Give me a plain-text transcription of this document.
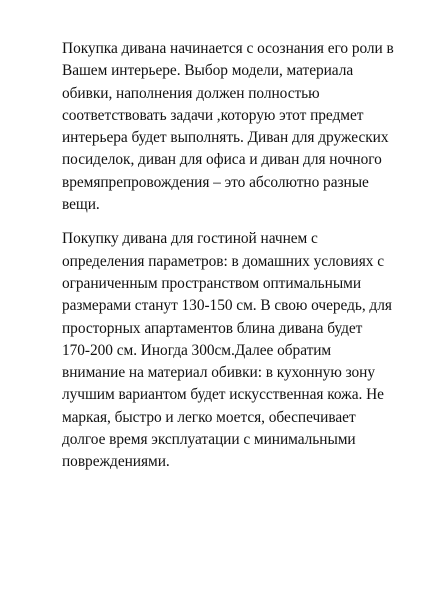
Покупка дивана начинается с осознания его роли в Вашем интерьере. Выбор модели, материала обивки, наполнения должен полностью соответствовать задачи ,которую этот предмет интерьера будет выполнять. Диван для дружеских посиделок, диван для офиса и диван для ночного времяпрепровождения – это абсолютно разные вещи.

Покупку дивана для гостиной начнем с определения параметров: в домашних условиях с ограниченным пространством оптимальными размерами станут 130-150 см. В свою очередь, для просторных апартаментов блина дивана будет 170-200 см. Иногда 300см.Далее обратим внимание на материал обивки: в кухонную зону лучшим вариантом будет искусственная кожа. Не маркая, быстро и легко моется, обеспечивает долгое время эксплуатации с минимальными повреждениями.
